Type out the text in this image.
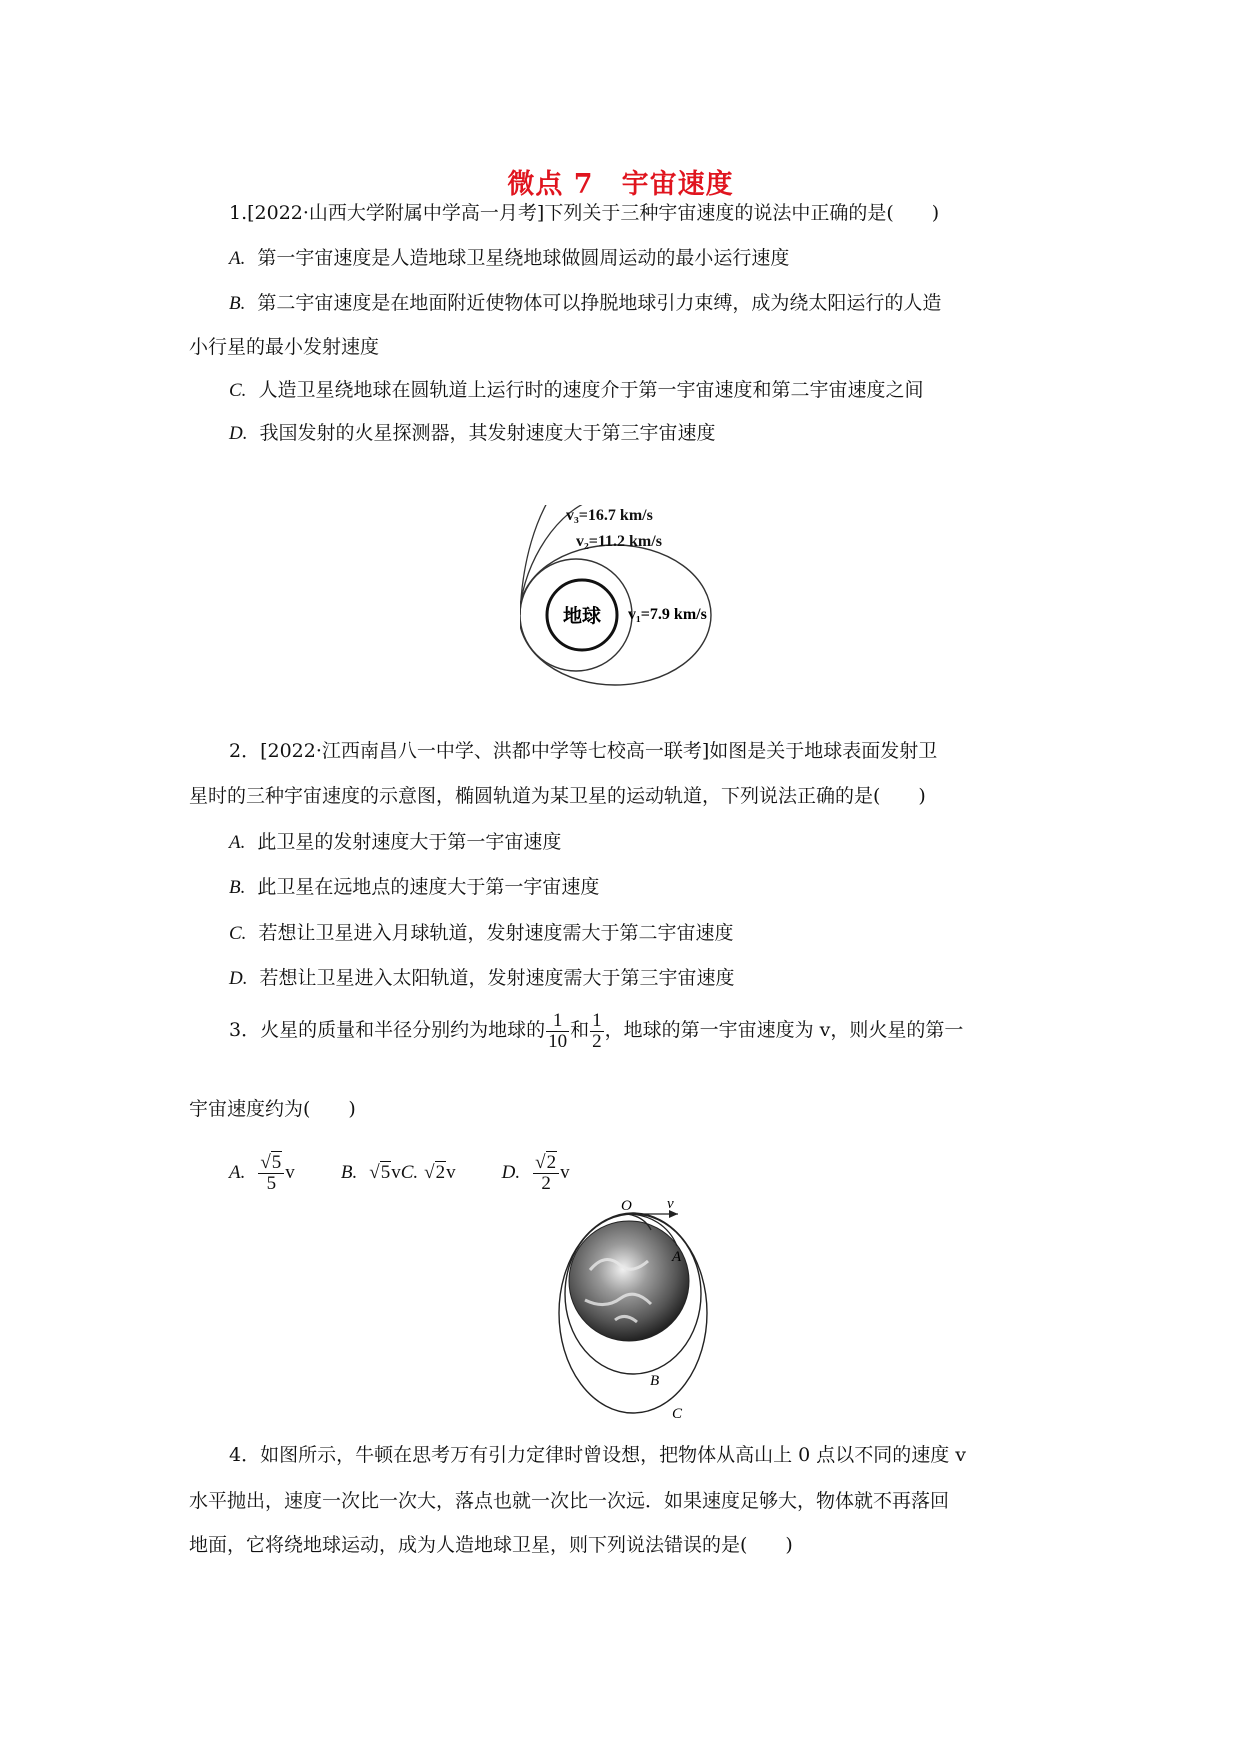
微点 7　宇宙速度
1.[2022·山西大学附属中学高一月考]下列关于三种宇宙速度的说法中正确的是(　　)
A. 第一宇宙速度是人造地球卫星绕地球做圆周运动的最小运行速度
B. 第二宇宙速度是在地面附近使物体可以挣脱地球引力束缚，成为绕太阳运行的人造
小行星的最小发射速度
C. 人造卫星绕地球在圆轨道上运行时的速度介于第一宇宙速度和第二宇宙速度之间
D. 我国发射的火星探测器，其发射速度大于第三宇宙速度
地球 v₁=7.9 km/s
v₃=16.7 km/s
v₂=11.2 km/s
2．[2022·江西南昌八一中学、洪都中学等七校高一联考]如图是关于地球表面发射卫
星时的三种宇宙速度的示意图，椭圆轨道为某卫星的运动轨道，下列说法正确的是(　　)
A. 此卫星的发射速度大于第一宇宙速度
B. 此卫星在远地点的速度大于第一宇宙速度
C. 若想让卫星进入月球轨道，发射速度需大于第二宇宙速度
D. 若想让卫星进入太阳轨道，发射速度需大于第三宇宙速度
3．火星的质量和半径分别约为地球的 $\frac{1}{10}$ 和 $\frac{1}{2}$ ，地球的第一宇宙速度为 v，则火星的第一
宇宙速度约为(　　)
A. $\frac{√5}{5}$ v B. √5vC. √2v D. $\frac{√2}{2}$ v
O v
A
B
C
4．如图所示，牛顿在思考万有引力定律时曾设想，把物体从高山上 0 点以不同的速度 v
水平抛出，速度一次比一次大，落点也就一次比一次远．如果速度足够大，物体就不再落回
地面，它将绕地球运动，成为人造地球卫星，则下列说法错误的是(　　)
